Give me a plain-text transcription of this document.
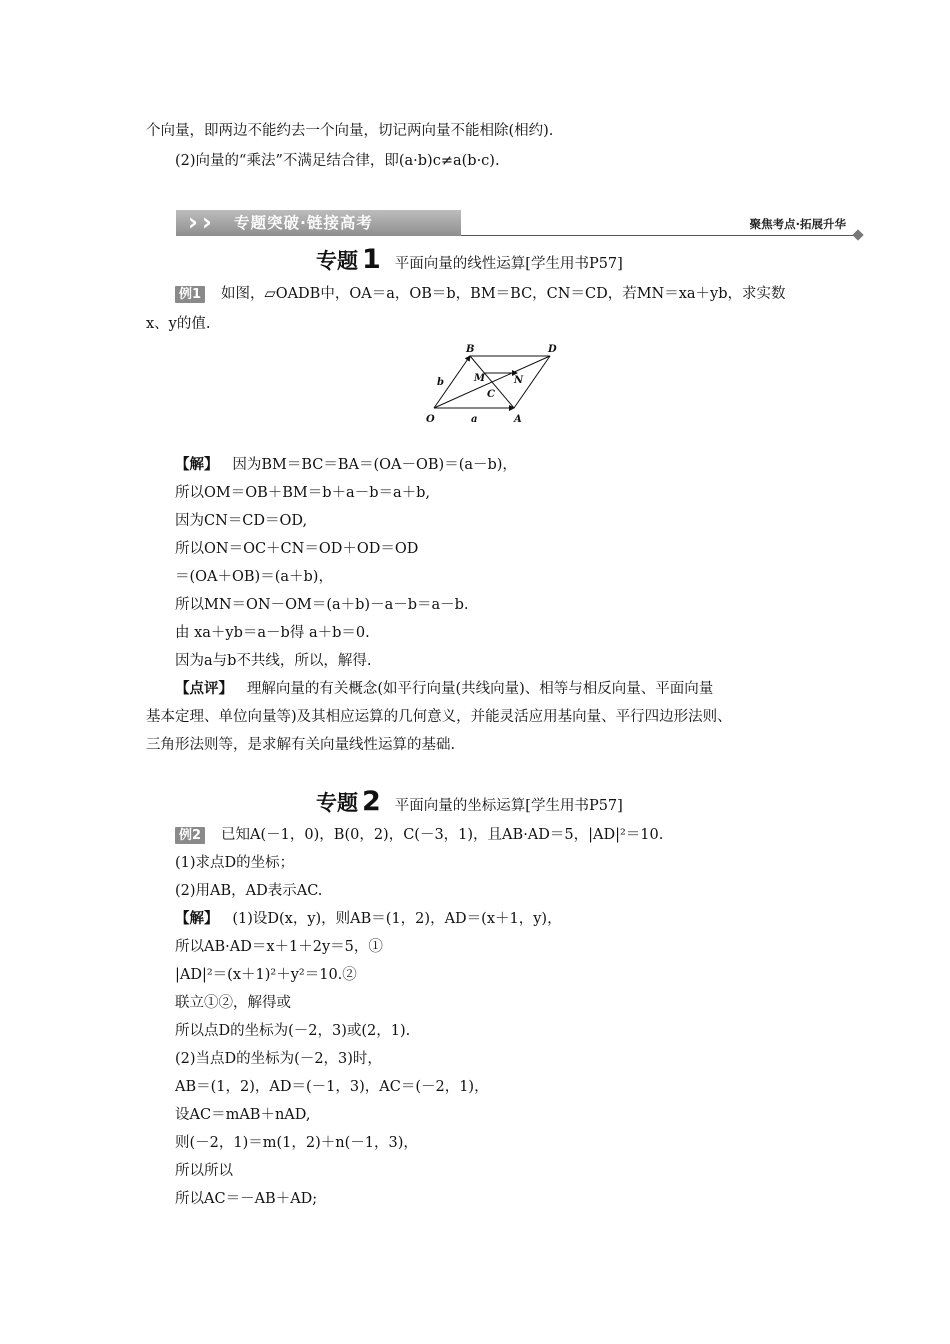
个向量，即两边不能约去一个向量，切记两向量不能相除(相约).
(2)向量的“乘法”不满足结合律，即(a·b)c≠a(b·c).
› › 专题突破·链接高考	聚焦考点·拓展升华
专题 1 平面向量的线性运算[学生用书P57]
例1 如图，▱OADB中，OA＝a，OB＝b，BM＝BC，CN＝CD，若MN＝xa＋yb，求实数
x、y的值.
B	D
M	N
C
O	A
a
b
【解】 因为BM＝BC＝BA＝(OA－OB)＝(a－b)，
所以OM＝OB＋BM＝b＋a－b＝a＋b,
因为CN＝CD＝OD,
所以ON＝OC＋CN＝OD＋OD＝OD
＝(OA＋OB)＝(a＋b)，
所以MN＝ON－OM＝(a＋b)－a－b＝a－b.
由 xa＋yb＝a－b得 a＋b＝0.
因为a与b不共线，所以，解得.
【点评】 理解向量的有关概念(如平行向量(共线向量)、相等与相反向量、平面向量
基本定理、单位向量等)及其相应运算的几何意义，并能灵活应用基向量、平行四边形法则、
三角形法则等，是求解有关向量线性运算的基础.
专题 2 平面向量的坐标运算[学生用书P57]
例2 已知A(－1，0)，B(0，2)，C(－3，1)，且AB·AD＝5，|AD|²＝10.
(1)求点D的坐标；
(2)用AB，AD表示AC.
【解】 (1)设D(x，y)，则AB＝(1，2)，AD＝(x＋1，y)，
所以AB·AD＝x＋1＋2y＝5，①
|AD|²＝(x＋1)²＋y²＝10.②
联立①②，解得或
所以点D的坐标为(－2，3)或(2，1).
(2)当点D的坐标为(－2，3)时，
AB＝(1，2)，AD＝(－1，3)，AC＝(－2，1)，
设AC＝mAB＋nAD,
则(－2，1)＝m(1，2)＋n(－1，3)，
所以所以
所以AC＝－AB＋AD;
